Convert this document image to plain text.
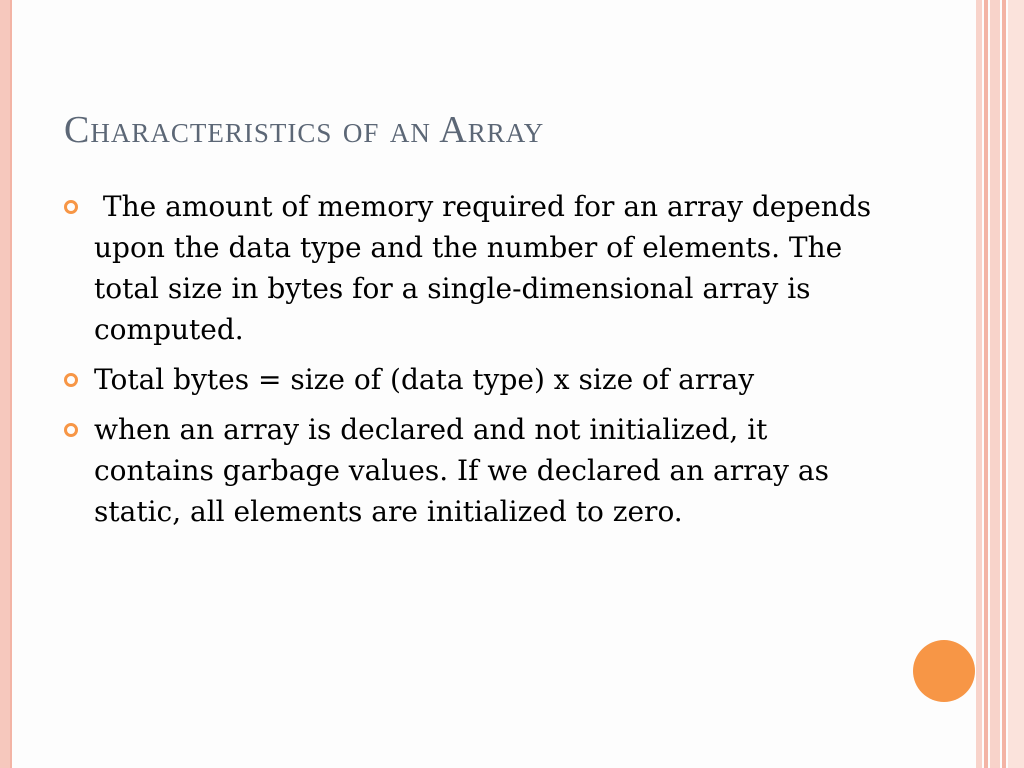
Characteristics of an Array
The amount of memory required for an array depends upon the data type and the number of elements. The total size in bytes for a single-dimensional array is computed.
Total bytes = size of (data type) x size of array
when an array is declared and not initialized, it contains garbage values. If we declared an array as static, all elements are initialized to zero.
